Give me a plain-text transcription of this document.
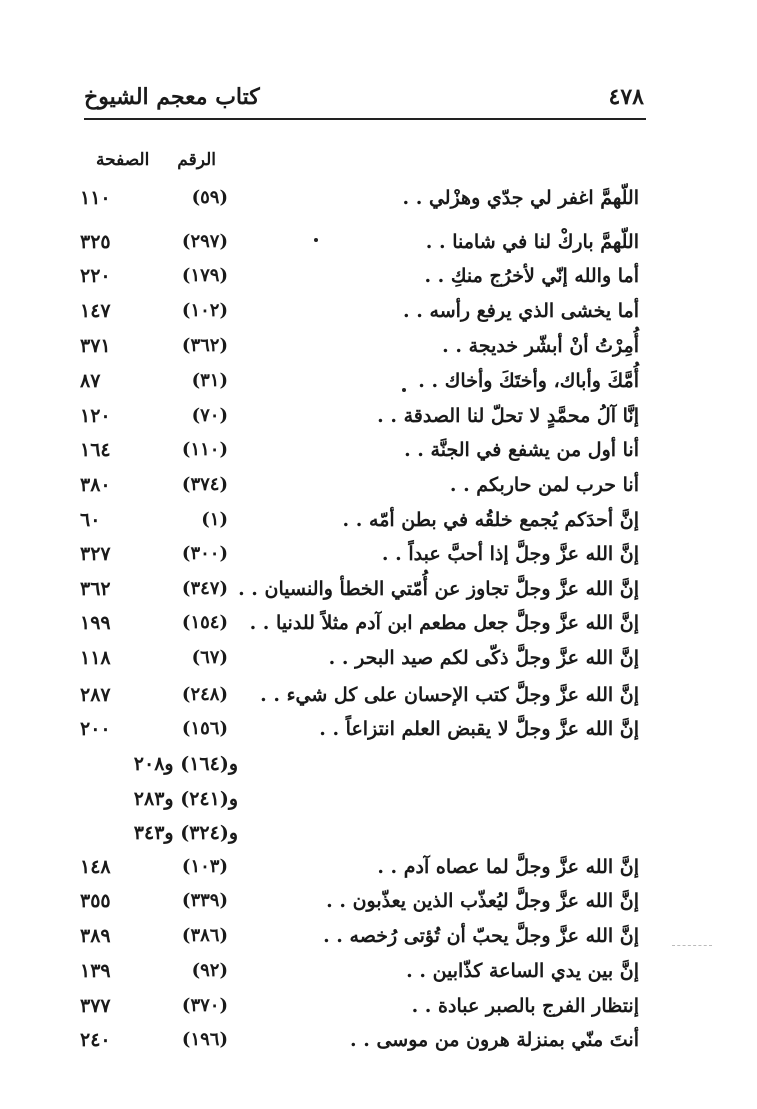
٤٧٨
كتاب معجم الشيوخ
الرقم
الصفحة
اللّهمَّ اغفر لي جدّي وهزْلي . .
(٥٩)
١١٠
اللّهمَّ باركْ لنا في شامنا . .
(٢٩٧)
٣٢٥
أما والله إنّي لأخرُج منكِ . .
(١٧٩)
٢٢٠
أما يخشى الذي يرفع رأسه . .
(١٠٢)
١٤٧
أُمِرْتُ أنْ أبشّر خديجة . .
(٣٦٢)
٣٧١
أُمَّكَ وأباك، وأختَكَ وأخاك . .
(٣١)
٨٧
إنَّا آلُ محمَّدٍ لا تحلّ لنا الصدقة . .
(٧٠)
١٢٠
أنا أول من يشفع في الجنَّة . .
(١١٠)
١٦٤
أنا حرب لمن حاربكم . .
(٣٧٤)
٣٨٠
إنَّ أحدَكم يُجمع خلقُه في بطن أمّه . .
(١)
٦٠
إنَّ الله عزَّ وجلَّ إذا أحبَّ عبداً . .
(٣٠٠)
٣٢٧
إنَّ الله عزَّ وجلَّ تجاوز عن أُمّتي الخطأ والنسيان . .
(٣٤٧)
٣٦٢
إنَّ الله عزَّ وجلَّ جعل مطعم ابن آدم مثلاً للدنيا . .
(١٥٤)
١٩٩
إنَّ الله عزَّ وجلَّ ذكّى لكم صيد البحر . .
(٦٧)
١١٨
إنَّ الله عزَّ وجلَّ كتب الإحسان على كل شيء . .
(٢٤٨)
٢٨٧
إنَّ الله عزَّ وجلَّ لا يقبض العلم انتزاعاً . .
(١٥٦)
٢٠٠
و(١٦٤) و٢٠٨
و(٢٤١) و٢٨٣
و(٣٢٤) و٣٤٣
إنَّ الله عزَّ وجلَّ لما عصاه آدم . .
(١٠٣)
١٤٨
إنَّ الله عزَّ وجلَّ ليُعذّب الذين يعذّبون . .
(٣٣٩)
٣٥٥
إنَّ الله عزَّ وجلَّ يحبّ أن تُؤتى رُخصه . .
(٣٨٦)
٣٨٩
إنَّ بين يدي الساعة كذّابين . .
(٩٢)
١٣٩
إنتظار الفرج بالصبر عبادة . .
(٣٧٠)
٣٧٧
أنتَ منّي بمنزلة هرون من موسى . .
(١٩٦)
٢٤٠
